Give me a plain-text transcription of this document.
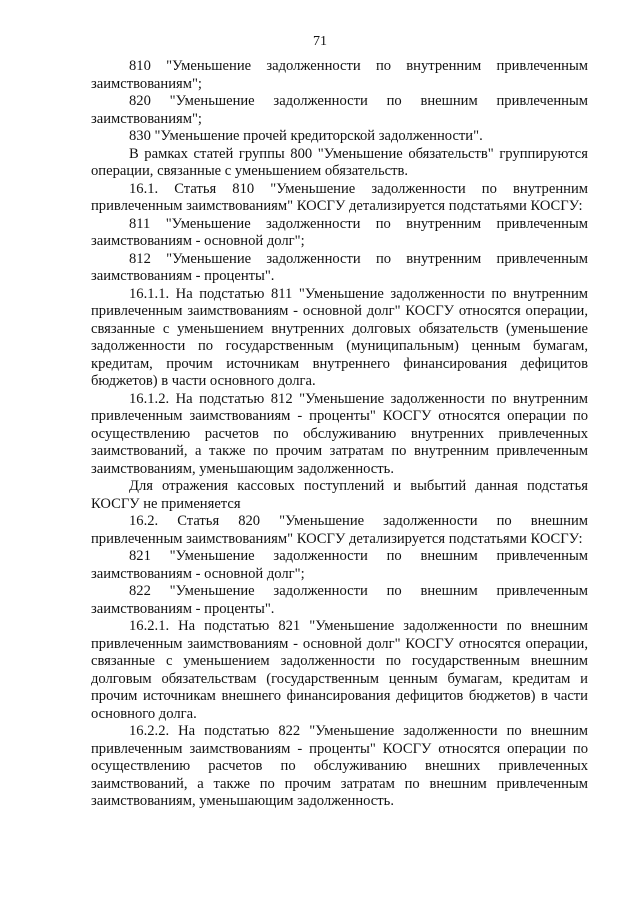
71

810 "Уменьшение задолженности по внутренним привлеченным заимствованиям";

820 "Уменьшение задолженности по внешним привлеченным заимствованиям";

830 "Уменьшение прочей кредиторской задолженности".

В рамках статей группы 800 "Уменьшение обязательств" группируются операции, связанные с уменьшением обязательств.

16.1. Статья 810 "Уменьшение задолженности по внутренним привлеченным заимствованиям" КОСГУ детализируется подстатьями КОСГУ:

811 "Уменьшение задолженности по внутренним привлеченным заимствованиям - основной долг";

812 "Уменьшение задолженности по внутренним привлеченным заимствованиям - проценты".

16.1.1. На подстатью 811 "Уменьшение задолженности по внутренним привлеченным заимствованиям - основной долг" КОСГУ относятся операции, связанные с уменьшением внутренних долговых обязательств (уменьшение задолженности по государственным (муниципальным) ценным бумагам, кредитам, прочим источникам внутреннего финансирования дефицитов бюджетов) в части основного долга.

16.1.2. На подстатью 812 "Уменьшение задолженности по внутренним привлеченным заимствованиям - проценты" КОСГУ относятся операции по осуществлению расчетов по обслуживанию внутренних привлеченных заимствований, а также по прочим затратам по внутренним привлеченным заимствованиям, уменьшающим задолженность.

Для отражения кассовых поступлений и выбытий данная подстатья КОСГУ не применяется

16.2. Статья 820 "Уменьшение задолженности по внешним привлеченным заимствованиям" КОСГУ детализируется подстатьями КОСГУ:

821 "Уменьшение задолженности по внешним привлеченным заимствованиям - основной долг";

822 "Уменьшение задолженности по внешним привлеченным заимствованиям - проценты".

16.2.1. На подстатью 821 "Уменьшение задолженности по внешним привлеченным заимствованиям - основной долг" КОСГУ относятся операции, связанные с уменьшением задолженности по государственным внешним долговым обязательствам (государственным ценным бумагам, кредитам и прочим источникам внешнего финансирования дефицитов бюджетов) в части основного долга.

16.2.2. На подстатью 822 "Уменьшение задолженности по внешним привлеченным заимствованиям - проценты" КОСГУ относятся операции по осуществлению расчетов по обслуживанию внешних привлеченных заимствований, а также по прочим затратам по внешним привлеченным заимствованиям, уменьшающим задолженность.
